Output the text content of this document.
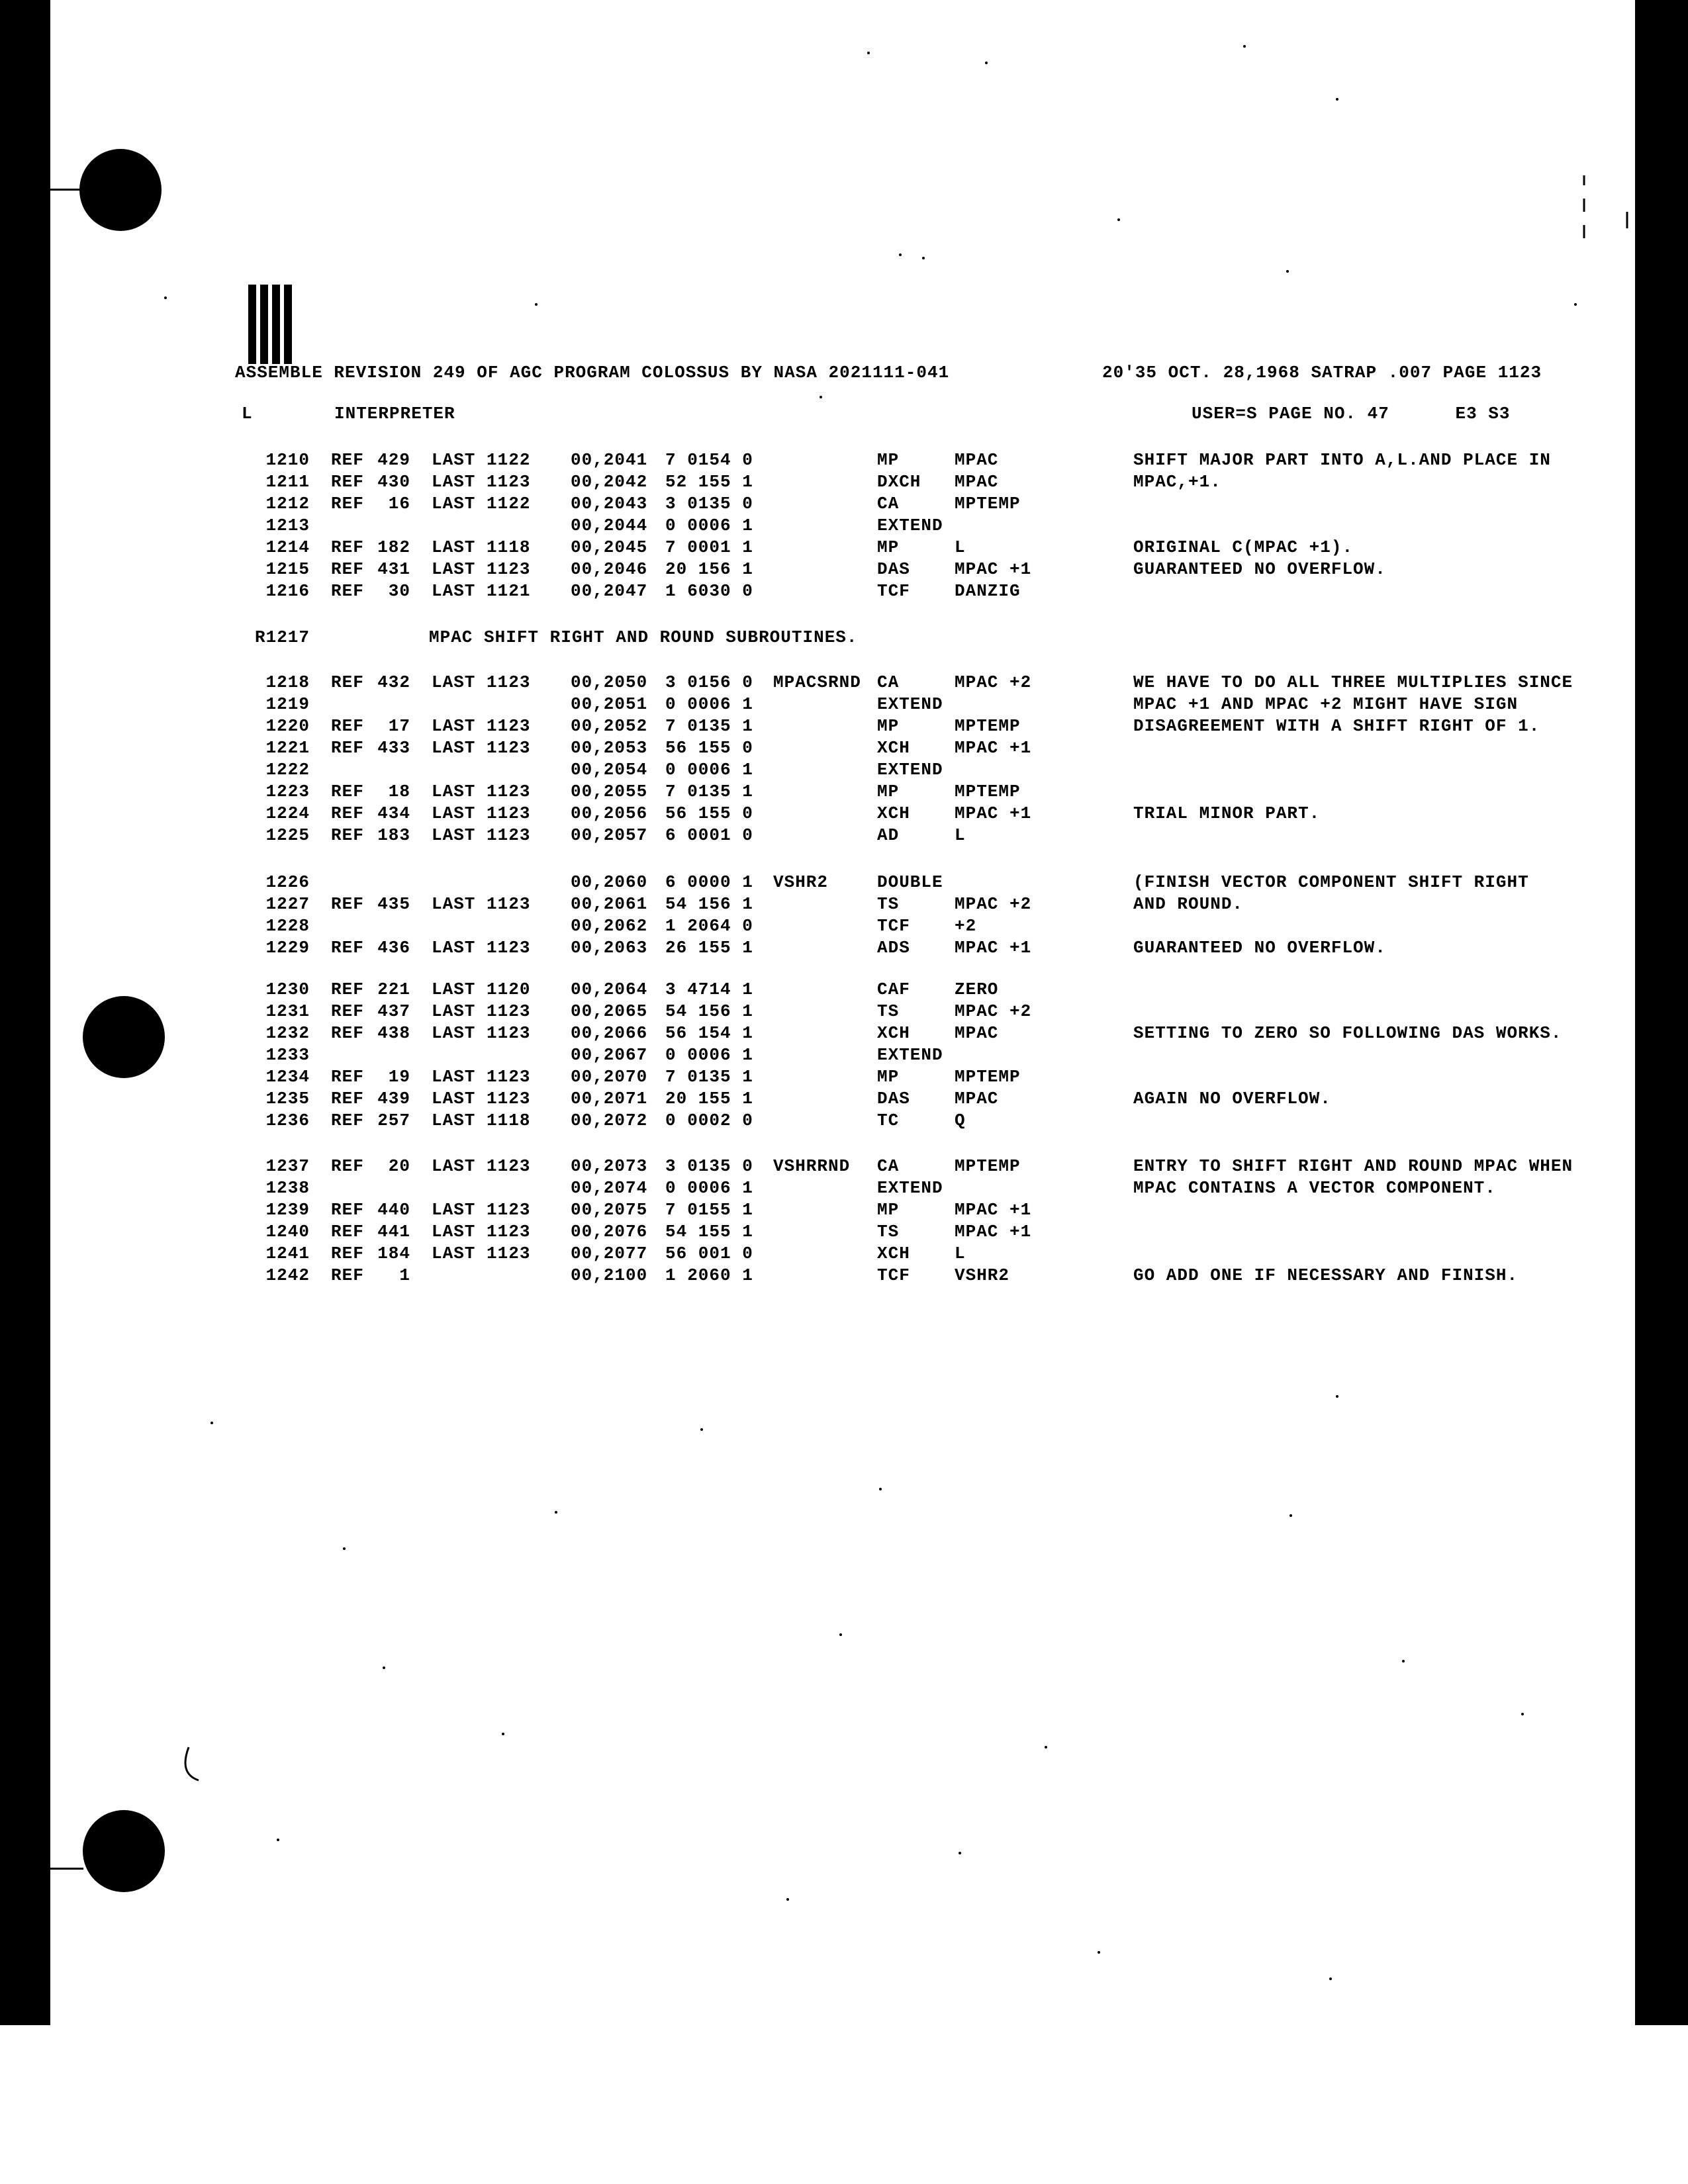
ASSEMBLE REVISION 249 OF AGC PROGRAM COLOSSUS BY NASA 2021111-041	20'35 OCT. 28,1968 SATRAP .007 PAGE 1123
L	INTERPRETER	USER=S PAGE NO. 47      E3 S3
1210 REF 429 LAST 1122 00,2041 7 0154 0	MP	MPAC	SHIFT MAJOR PART INTO A,L.AND PLACE IN
1211 REF 430 LAST 1123 00,2042 52 155 1	DXCH MPAC	MPAC,+1.
1212 REF	16 LAST 1122 00,2043 3 0135 0	CA	MPTEMP
1213	00,2044 0 0006 1	EXTEND
1214 REF 182 LAST 1118 00,2045 7 0001 1	MP	L	ORIGINAL C(MPAC +1).
1215 REF 431 LAST 1123 00,2046 20 156 1	DAS	MPAC +1	GUARANTEED NO OVERFLOW.
1216 REF	30 LAST 1121 00,2047 1 6030 0	TCF	DANZIG
R1217	MPAC SHIFT RIGHT AND ROUND SUBROUTINES.
1218 REF 432 LAST 1123 00,2050 3 0156 0 MPACSRND CA	MPAC +2	WE HAVE TO DO ALL THREE MULTIPLIES SINCE
1219	00,2051 0 0006 1	EXTEND	MPAC +1 AND MPAC +2 MIGHT HAVE SIGN
1220 REF	17 LAST 1123 00,2052 7 0135 1	MP	MPTEMP	DISAGREEMENT WITH A SHIFT RIGHT OF 1.
1221 REF 433 LAST 1123 00,2053 56 155 0	XCH	MPAC +1
1222	00,2054 0 0006 1	EXTEND
1223 REF	18 LAST 1123 00,2055 7 0135 1	MP	MPTEMP
1224 REF 434 LAST 1123 00,2056 56 155 0	XCH	MPAC +1	TRIAL MINOR PART.
1225 REF 183 LAST 1123 00,2057 6 0001 0	AD	L
1226	00,2060 6 0000 1 VSHR2	DOUBLE	(FINISH VECTOR COMPONENT SHIFT RIGHT
1227 REF 435 LAST 1123 00,2061 54 156 1	TS	MPAC +2	AND ROUND.
1228	00,2062 1 2064 0	TCF	+2
1229 REF 436 LAST 1123 00,2063 26 155 1	ADS	MPAC +1	GUARANTEED NO OVERFLOW.
1230 REF 221 LAST 1120 00,2064 3 4714 1	CAF	ZERO
1231 REF 437 LAST 1123 00,2065 54 156 1	TS	MPAC +2
1232 REF 438 LAST 1123 00,2066 56 154 1	XCH	MPAC	SETTING TO ZERO SO FOLLOWING DAS WORKS.
1233	00,2067 0 0006 1	EXTEND
1234 REF	19 LAST 1123 00,2070 7 0135 1	MP	MPTEMP
1235 REF 439 LAST 1123 00,2071 20 155 1	DAS	MPAC	AGAIN NO OVERFLOW.
1236 REF 257 LAST 1118 00,2072 0 0002 0	TC	Q
1237 REF	20 LAST 1123 00,2073 3 0135 0 VSHRRND CA	MPTEMP	ENTRY TO SHIFT RIGHT AND ROUND MPAC WHEN
1238	00,2074 0 0006 1	EXTEND	MPAC CONTAINS A VECTOR COMPONENT.
1239 REF 440 LAST 1123 00,2075 7 0155 1	MP	MPAC +1
1240 REF 441 LAST 1123 00,2076 54 155 1	TS	MPAC +1
1241 REF 184 LAST 1123 00,2077 56 001 0	XCH	L
1242 REF	1	00,2100 1 2060 1	TCF	VSHR2	GO ADD ONE IF NECESSARY AND FINISH.
